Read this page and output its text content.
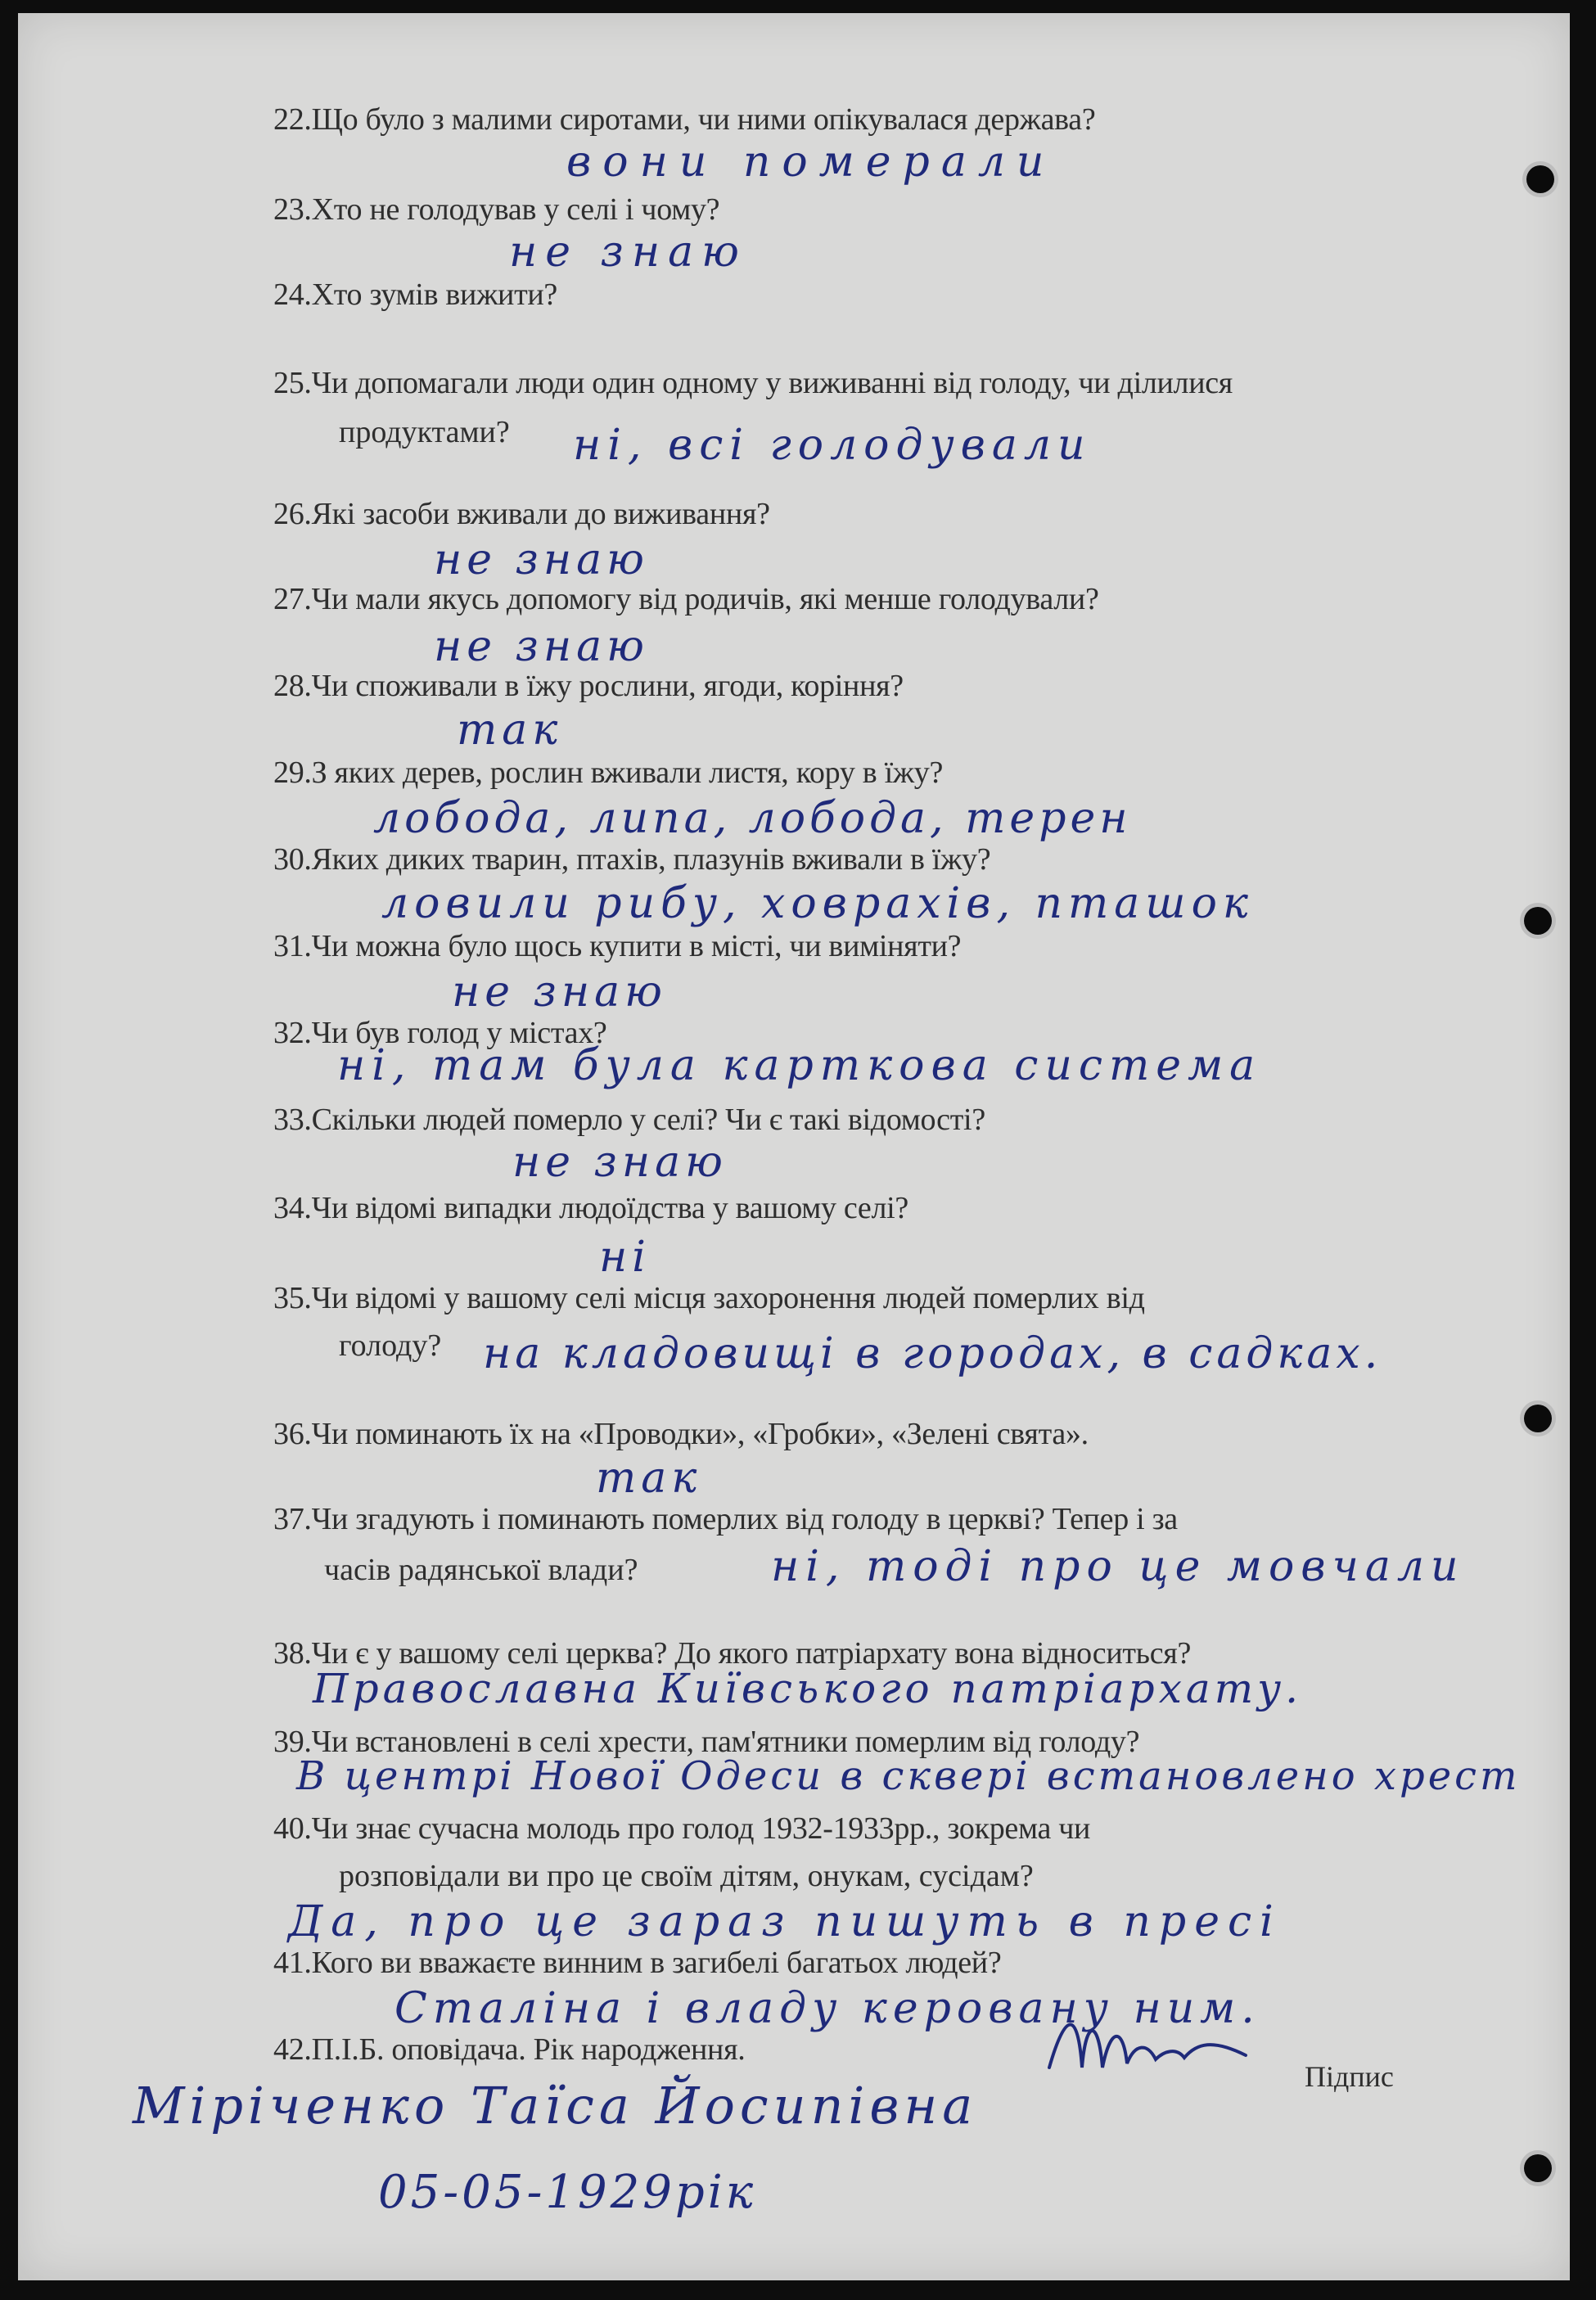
22.Що було з малими сиротами, чи ними опікувалася держава?
вони померали
23.Хто не голодував у селі і чому?
не знаю
24.Хто зумів вижити?
25.Чи допомагали люди один одному у виживанні від голоду, чи ділилися
продуктами? ні, всі голодували
26.Які засоби вживали до виживання?
не знаю
27.Чи мали якусь допомогу від родичів, які менше голодували?
не знаю
28.Чи споживали в їжу рослини, ягоди, коріння?
так
29.З яких дерев, рослин вживали листя, кору в їжу?
лобода, липа, лобода, терен
30.Яких диких тварин, птахів, плазунів вживали в їжу?
ловили рибу, ховрахів, пташок
31.Чи можна було щось купити в місті, чи виміняти?
не знаю
32.Чи був голод у містах?
ні, там була карткова система
33.Скільки людей померло у селі? Чи є такі відомості?
не знаю
34.Чи відомі випадки людоїдства у вашому селі?
ні
35.Чи відомі у вашому селі місця захоронення людей померлих від
голоду? на кладовищі в городах, в садках.
36.Чи поминають їх на «Проводки», «Гробки», «Зелені свята».
так
37.Чи згадують і поминають померлих від голоду в церкві? Тепер і за
часів радянської влади?	ні, тоді про це мовчали
38.Чи є у вашому селі церква? До якого патріархату вона відноситься?
Православна Київського патріархату.
39.Чи встановлені в селі хрести, пам'ятники померлим від голоду?
В центрі Нової Одеси в сквері встановлено хрест
40.Чи знає сучасна молодь про голод 1932-1933рр., зокрема чи
розповідали ви про це своїм дітям, онукам, сусідам?
Да, про це зараз пишуть в пресі
41.Кого ви вважаєте винним в загибелі багатьох людей?
Сталіна і владу керовану ним.
42.П.І.Б. оповідача. Рік народження.
Підпис
Міріченко Таїса Йосипівна
05-05-1929рік
